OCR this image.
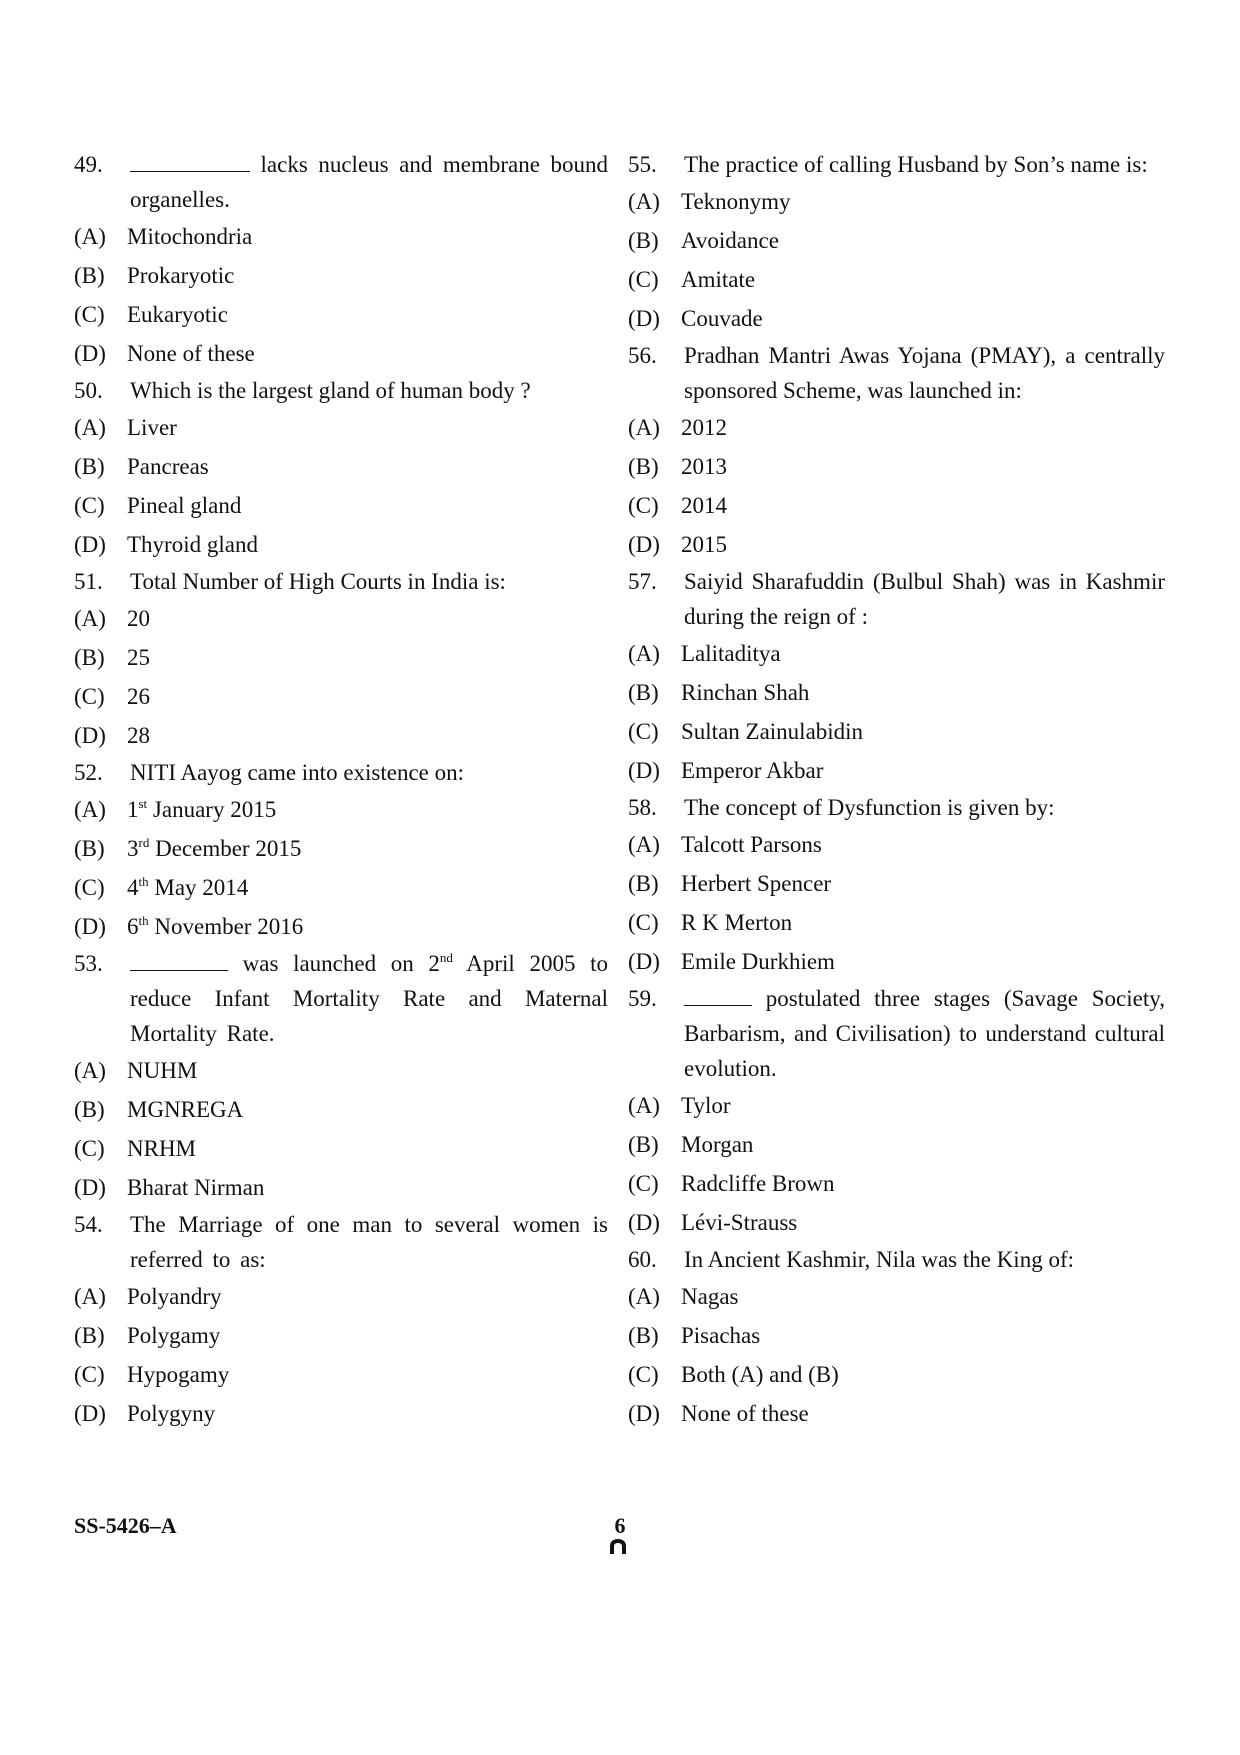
49.	lacks nucleus and membrane bound organelles.
(A) Mitochondria
(B) Prokaryotic
(C) Eukaryotic
(D) None of these
50. Which is the largest gland of human body ?
(A) Liver
(B) Pancreas
(C) Pineal gland
(D) Thyroid gland
51. Total Number of High Courts in India is:
(A) 20
(B) 25
(C) 26
(D) 28
52. NITI Aayog came into existence on:
(A) 1st January 2015
(B) 3rd December 2015
(C) 4th May 2014
(D) 6th November 2016
53.	was launched on 2nd April 2005 to reduce Infant Mortality Rate and Maternal Mortality Rate.
(A) NUHM
(B) MGNREGA
(C) NRHM
(D) Bharat Nirman
54. The Marriage of one man to several women is referred to as:
(A) Polyandry
(B) Polygamy
(C) Hypogamy
(D) Polygyny
55. The practice of calling Husband by Son’s name is:
(A) Teknonymy
(B) Avoidance
(C) Amitate
(D) Couvade
56. Pradhan Mantri Awas Yojana (PMAY), a centrally sponsored Scheme, was launched in:
(A) 2012
(B) 2013
(C) 2014
(D) 2015
57. Saiyid Sharafuddin (Bulbul Shah) was in Kashmir during the reign of :
(A) Lalitaditya
(B) Rinchan Shah
(C) Sultan Zainulabidin
(D) Emperor Akbar
58. The concept of Dysfunction is given by:
(A) Talcott Parsons
(B) Herbert Spencer
(C) R K Merton
(D) Emile Durkhiem
59.	postulated three stages (Savage Society, Barbarism, and Civilisation) to understand cultural evolution.
(A) Tylor
(B) Morgan
(C) Radcliffe Brown
(D) Lévi-Strauss
60. In Ancient Kashmir, Nila was the King of:
(A) Nagas
(B) Pisachas
(C) Both (A) and (B)
(D) None of these
SS-5426–A	6
